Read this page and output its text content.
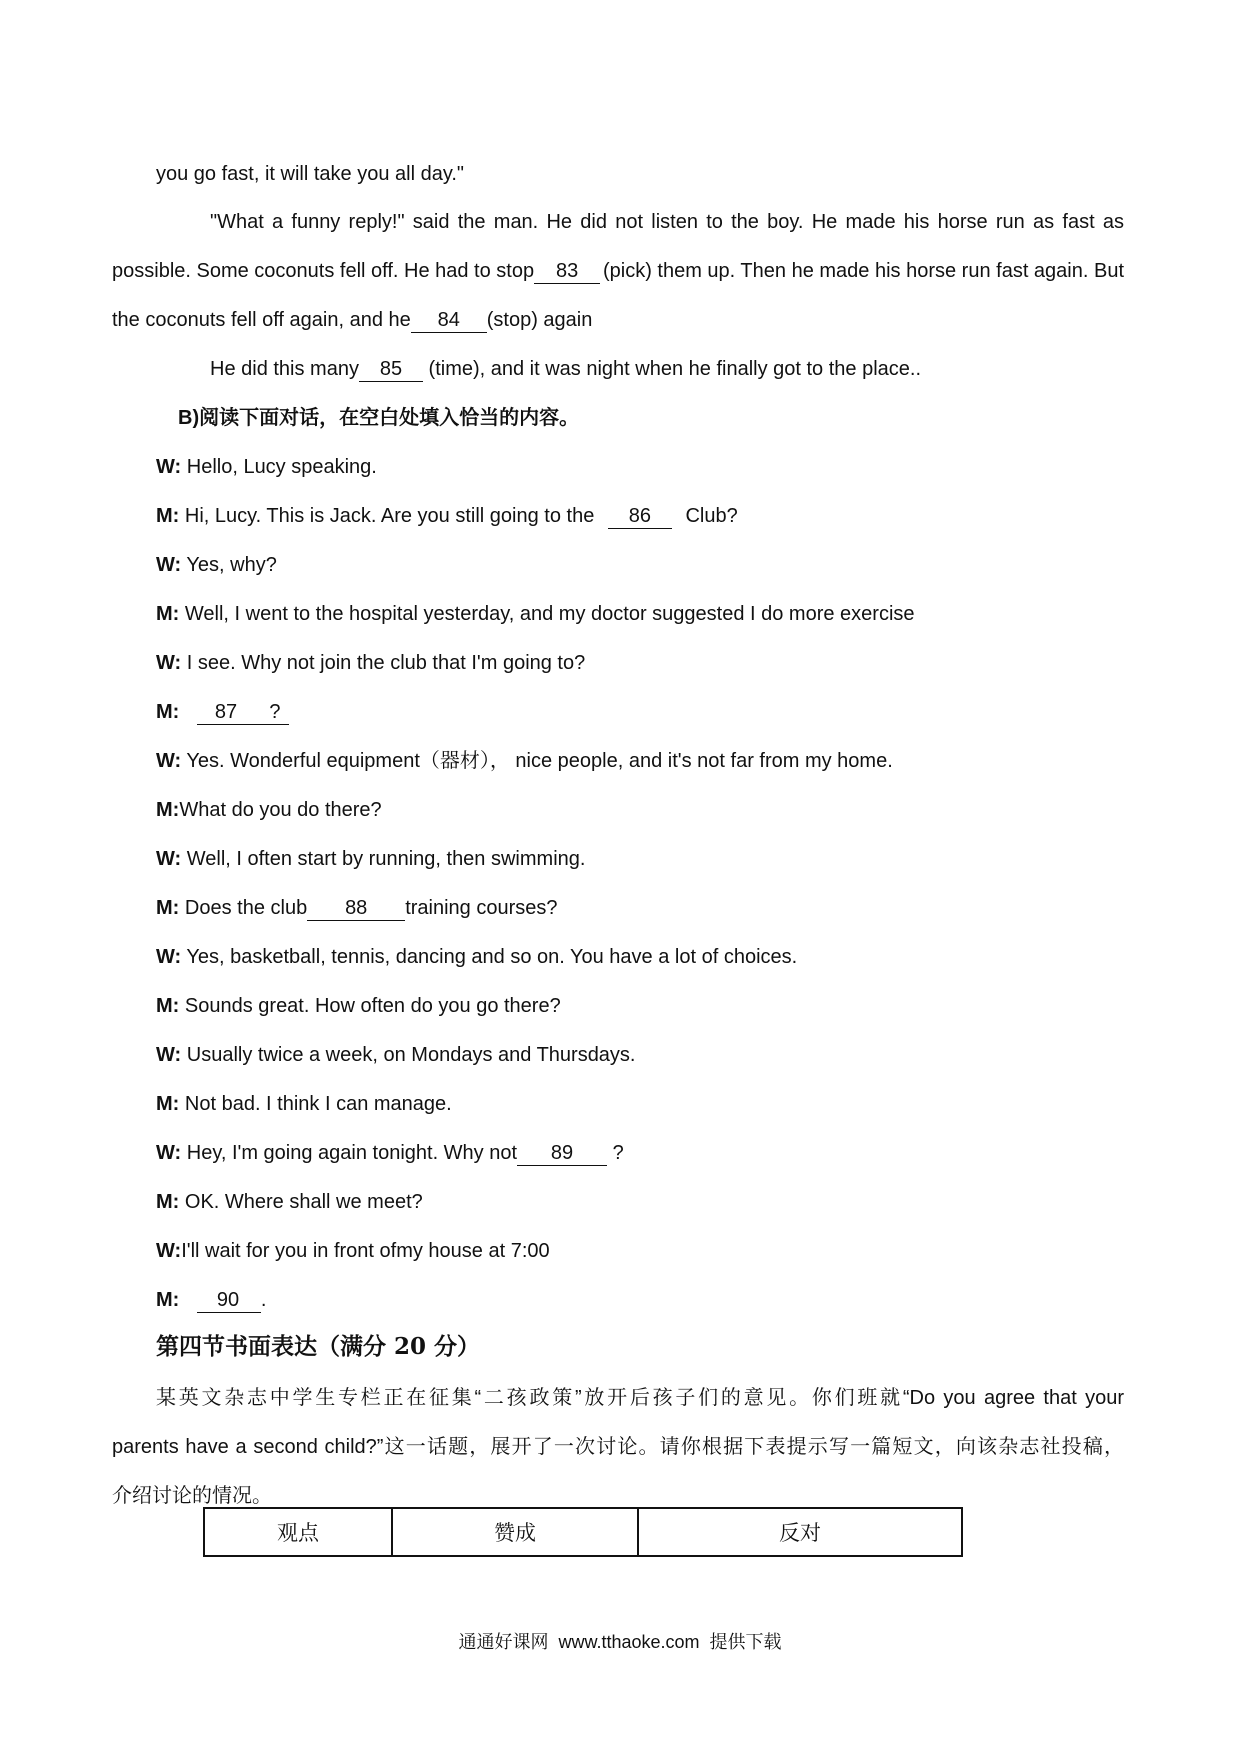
you go fast, it will take you all day."
"What a funny reply!" said the man. He did not listen to the boy. He made his horse run as fast as
possible. Some coconuts fell off. He had to stop 83	(pick) them up. Then he made his horse run fast again. But
the coconuts fell off again, and he 84 (stop) again
He did this many 85 (time), and it was night when he finally got to the place..
B)阅读下面对话，在空白处填入恰当的内容。
W: Hello, Lucy speaking.
M: Hi, Lucy. This is Jack. Are you still going to the 86 Club?
W: Yes, why?
M: Well, I went to the hospital yesterday, and my doctor suggested I do more exercise
W: I see. Why not join the club that I'm going to?
M: 87 ?
W: Yes. Wonderful equipment（器材）， nice people, and it's not far from my home.
M:What do you do there?
W: Well, I often start by running, then swimming.
M: Does the club 88 training courses?
W: Yes, basketball, tennis, dancing and so on. You have a lot of choices.
M: Sounds great. How often do you go there?
W: Usually twice a week, on Mondays and Thursdays.
M: Not bad. I think I can manage.
W: Hey, I'm going again tonight. Why not 89 ?
M: OK. Where shall we meet?
W:I'll wait for you in front ofmy house at 7:00
M: 90 .
第四节书面表达（满分 20 分）
某英文杂志中学生专栏正在征集“二孩政策”放开后孩子们的意见。你们班就“Do you agree that your
parents have a second child?”这一话题，展开了一次讨论。请你根据下表提示写一篇短文，向该杂志社投稿，
介绍讨论的情况。
观点	赞成	反对
通通好课网  www.tthaoke.com  提供下载
